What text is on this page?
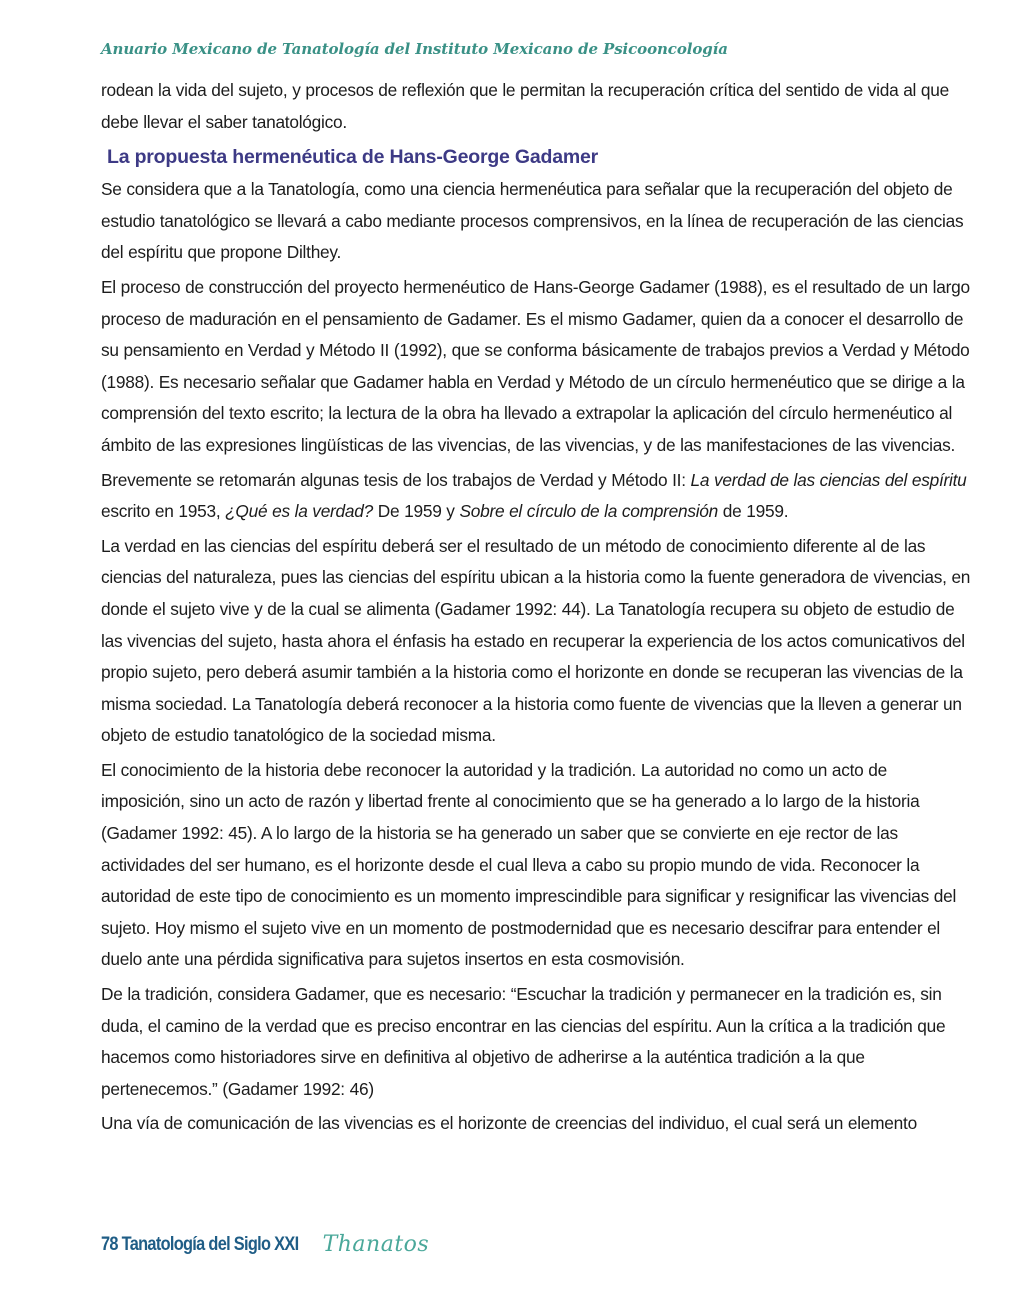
Anuario Mexicano de Tanatología del Instituto Mexicano de Psicooncología

rodean la vida del sujeto, y procesos de reflexión que le permitan la recuperación crítica del sentido de vida al que debe llevar el saber tanatológico.

La propuesta hermenéutica de Hans-George Gadamer

Se considera que a la Tanatología, como una ciencia hermenéutica para señalar que la recuperación del objeto de estudio tanatológico se llevará a cabo mediante procesos comprensivos, en la línea de recuperación de las ciencias del espíritu que propone Dilthey.

El proceso de construcción del proyecto hermenéutico de Hans-George Gadamer (1988), es el resultado de un largo proceso de maduración en el pensamiento de Gadamer. Es el mismo Gadamer, quien da a conocer el desarrollo de su pensamiento en Verdad y Método II (1992), que se conforma básicamente de trabajos previos a Verdad y Método (1988). Es necesario señalar que Gadamer habla en Verdad y Método de un círculo hermenéutico que se dirige a la comprensión del texto escrito; la lectura de la obra ha llevado a extrapolar la aplicación del círculo hermenéutico al ámbito de las expresiones lingüísticas de las vivencias, de las vivencias, y de las manifestaciones de las vivencias.

Brevemente se retomarán algunas tesis de los trabajos de Verdad y Método II: La verdad de las ciencias del espíritu escrito en 1953, ¿Qué es la verdad? De 1959 y Sobre el círculo de la comprensión de 1959.

La verdad en las ciencias del espíritu deberá ser el resultado de un método de conocimiento diferente al de las ciencias del naturaleza, pues las ciencias del espíritu ubican a la historia como la fuente generadora de vivencias, en donde el sujeto vive y de la cual se alimenta (Gadamer 1992: 44). La Tanatología recupera su objeto de estudio de las vivencias del sujeto, hasta ahora el énfasis ha estado en recuperar la experiencia de los actos comunicativos del propio sujeto, pero deberá asumir también a la historia como el horizonte en donde se recuperan las vivencias de la misma sociedad. La Tanatología deberá reconocer a la historia como fuente de vivencias que la lleven a generar un objeto de estudio tanatológico de la sociedad misma.

El conocimiento de la historia debe reconocer la autoridad y la tradición. La autoridad no como un acto de imposición, sino un acto de razón y libertad frente al conocimiento que se ha generado a lo largo de la historia (Gadamer 1992: 45). A lo largo de la historia se ha generado un saber que se convierte en eje rector de las actividades del ser humano, es el horizonte desde el cual lleva a cabo su propio mundo de vida. Reconocer la autoridad de este tipo de conocimiento es un momento imprescindible para significar y resignificar las vivencias del sujeto. Hoy mismo el sujeto vive en un momento de postmodernidad que es necesario descifrar para entender el duelo ante una pérdida significativa para sujetos insertos en esta cosmovisión.

De la tradición, considera Gadamer, que es necesario: “Escuchar la tradición y permanecer en la tradición es, sin duda, el camino de la verdad que es preciso encontrar en las ciencias del espíritu. Aun la crítica a la tradición que hacemos como historiadores sirve en definitiva al objetivo de adherirse a la auténtica tradición a la que pertenecemos.” (Gadamer 1992: 46)

Una vía de comunicación de las vivencias es el horizonte de creencias del individuo, el cual será un elemento

78 Tanatología del Siglo XXI Thanatos
